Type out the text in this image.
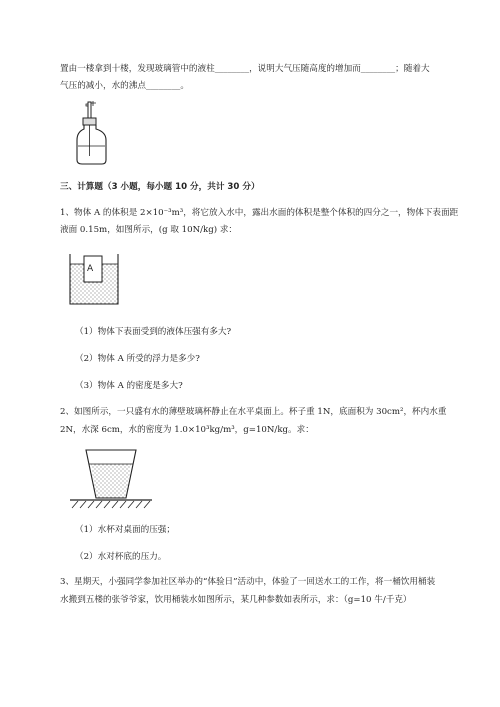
置由一楼拿到十楼，发现玻璃管中的液柱________，说明大气压随高度的增加而________；随着大
气压的减小，水的沸点________。
三、计算题（3 小题，每小题 10 分，共计 30 分）
1、物体 A 的体积是 2×10⁻³m³，将它放入水中，露出水面的体积是整个体积的四分之一，物体下表面距
液面 0.15m，如图所示，(g 取 10N/kg) 求：
A
（1）物体下表面受到的液体压强有多大?
（2）物体 A 所受的浮力是多少?
（3）物体 A 的密度是多大?
2、如图所示，一只盛有水的薄壁玻璃杯静止在水平桌面上。杯子重 1N，底面积为 30cm²，杯内水重
2N，水深 6cm，水的密度为 1.0×10³kg/m³，g=10N/kg。求：
（1）水杯对桌面的压强；
（2）水对杯底的压力。
3、星期天，小强同学参加社区举办的“体验日”活动中，体验了一回送水工的工作，将一桶饮用桶装
水搬到五楼的张爷爷家，饮用桶装水如图所示，某几种参数如表所示，求：（g=10 牛/千克）
